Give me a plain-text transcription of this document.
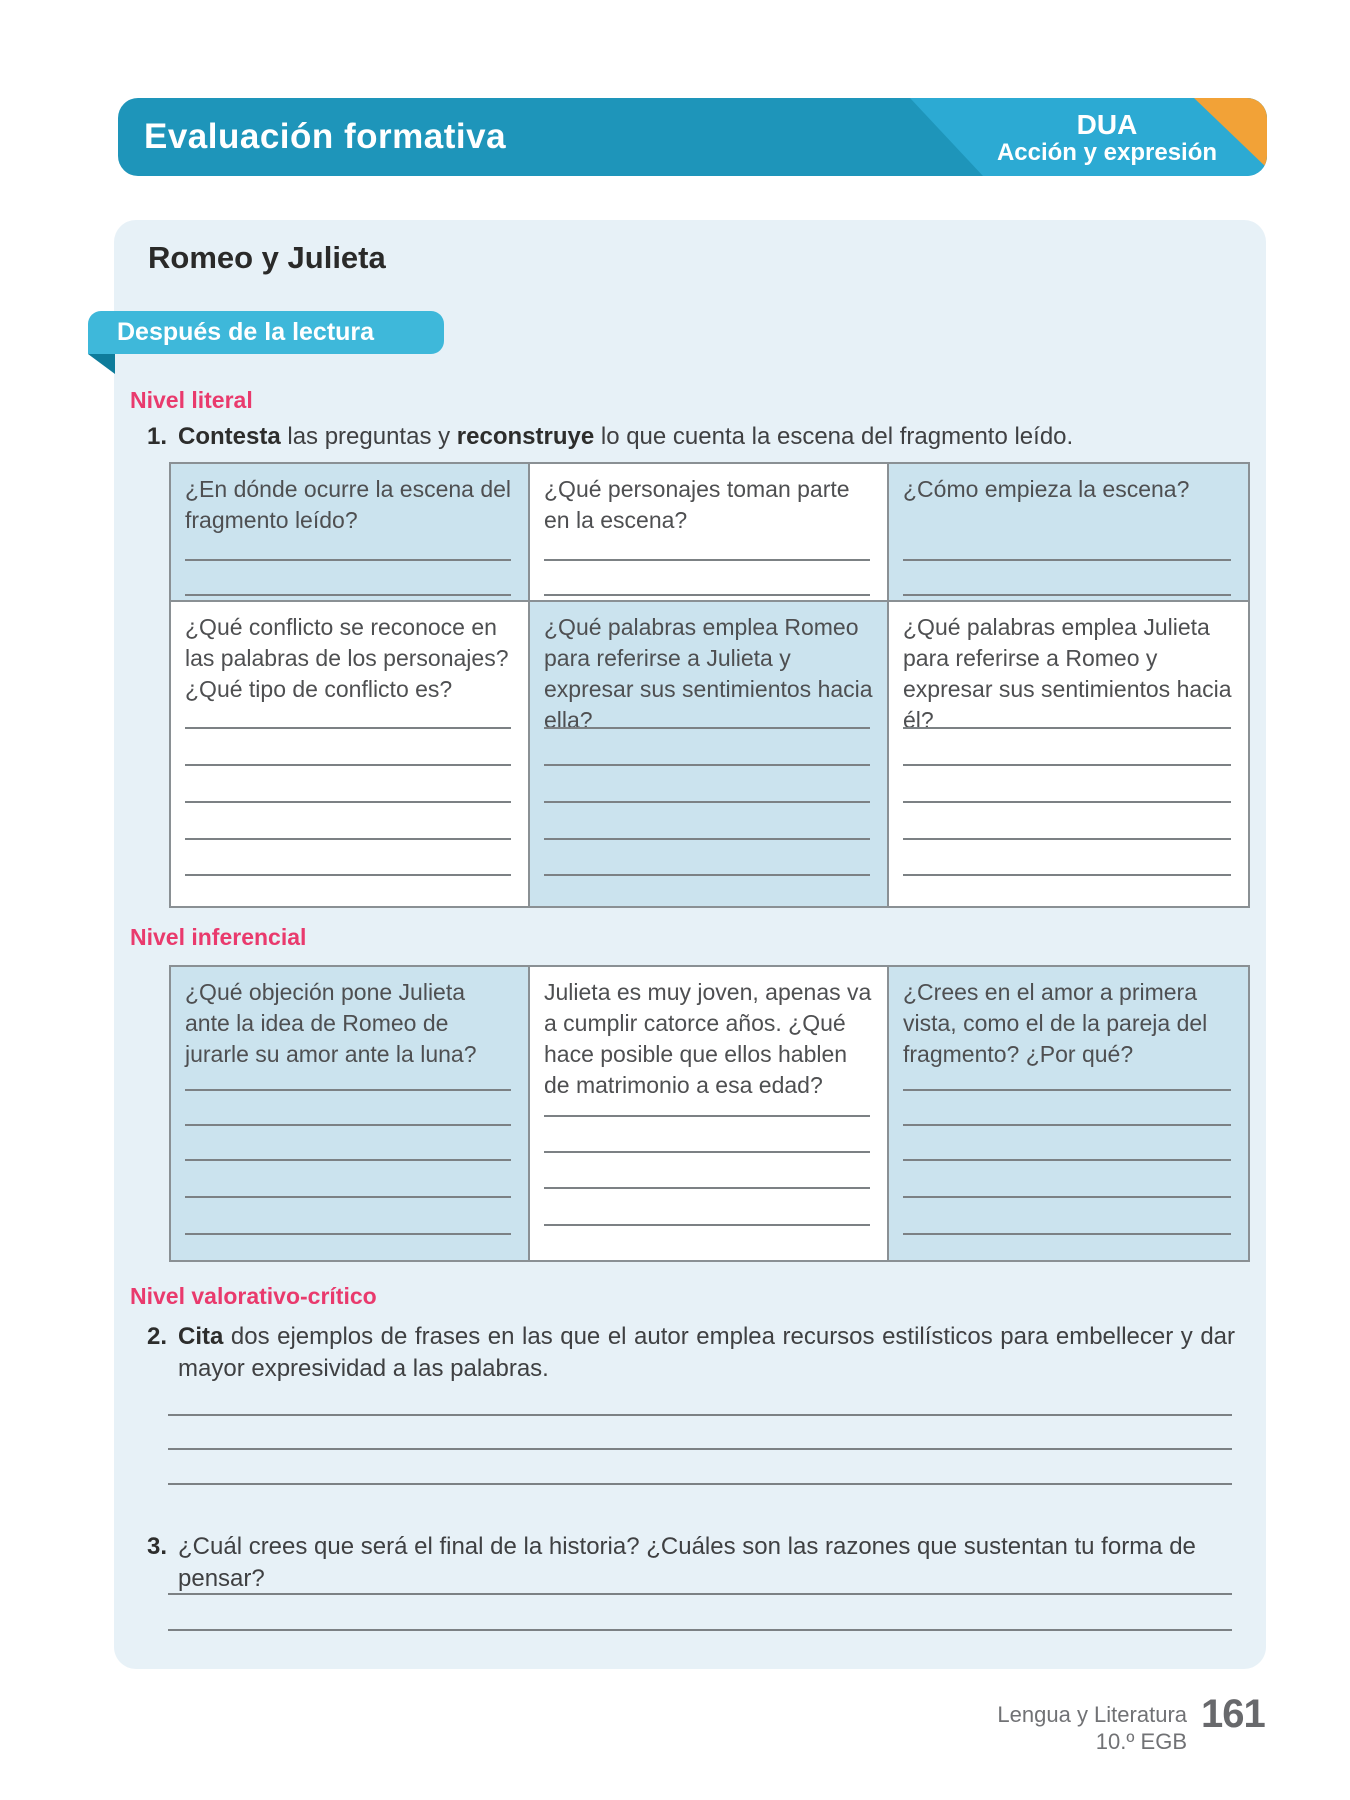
Evaluación formativa	DUA
Acción y expresión
Romeo y Julieta
Después de la lectura
Nivel literal
1. Contesta las preguntas y reconstruye lo que cuenta la escena del fragmento leído.
¿En dónde ocurre la escena del fragmento leído?
¿Qué personajes toman parte en la escena?
¿Cómo empieza la escena?
¿Qué conflicto se reconoce en las palabras de los personajes? ¿Qué tipo de conflicto es?
¿Qué palabras emplea Romeo para referirse a Julieta y expresar sus sentimientos hacia ella?
¿Qué palabras emplea Julieta para referirse a Romeo y expresar sus sentimientos hacia él?
Nivel inferencial
¿Qué objeción pone Julieta ante la idea de Romeo de jurarle su amor ante la luna?
Julieta es muy joven, apenas va a cumplir catorce años. ¿Qué hace posible que ellos hablen de matrimonio a esa edad?
¿Crees en el amor a primera vista, como el de la pareja del fragmento? ¿Por qué?
Nivel valorativo-crítico
2. Cita dos ejemplos de frases en las que el autor emplea recursos estilísticos para embellecer y dar mayor expresividad a las palabras.
3. ¿Cuál crees que será el final de la historia? ¿Cuáles son las razones que sustentan tu forma de pensar?
Lengua y Literatura
10.º EGB
161
